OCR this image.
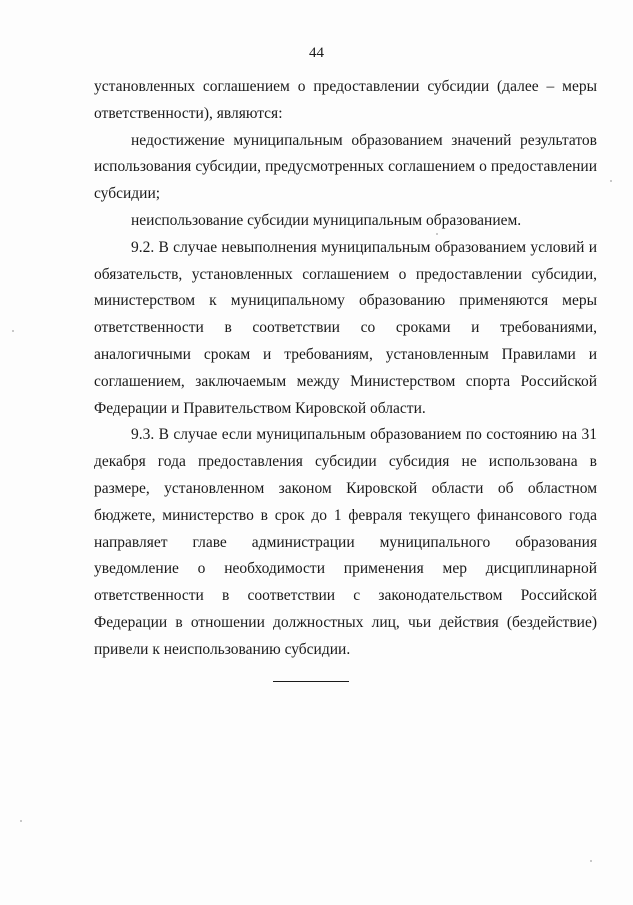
44

установленных соглашением о предоставлении субсидии (далее – меры ответственности), являются:

недостижение муниципальным образованием значений результатов использования субсидии, предусмотренных соглашением о предоставлении субсидии;

неиспользование субсидии муниципальным образованием.

9.2. В случае невыполнения муниципальным образованием условий и обязательств, установленных соглашением о предоставлении субсидии, министерством к муниципальному образованию применяются меры ответственности в соответствии со сроками и требованиями, аналогичными срокам и требованиям, установленным Правилами и соглашением, заключаемым между Министерством спорта Российской Федерации и Правительством Кировской области.

9.3. В случае если муниципальным образованием по состоянию на 31 декабря года предоставления субсидии субсидия не использована в размере, установленном законом Кировской области об областном бюджете, министерство в срок до 1 февраля текущего финансового года направляет главе администрации муниципального образования уведомление о необходимости применения мер дисциплинарной ответственности в соответствии с законодательством Российской Федерации в отношении должностных лиц, чьи действия (бездействие) привели к неиспользованию субсидии.
